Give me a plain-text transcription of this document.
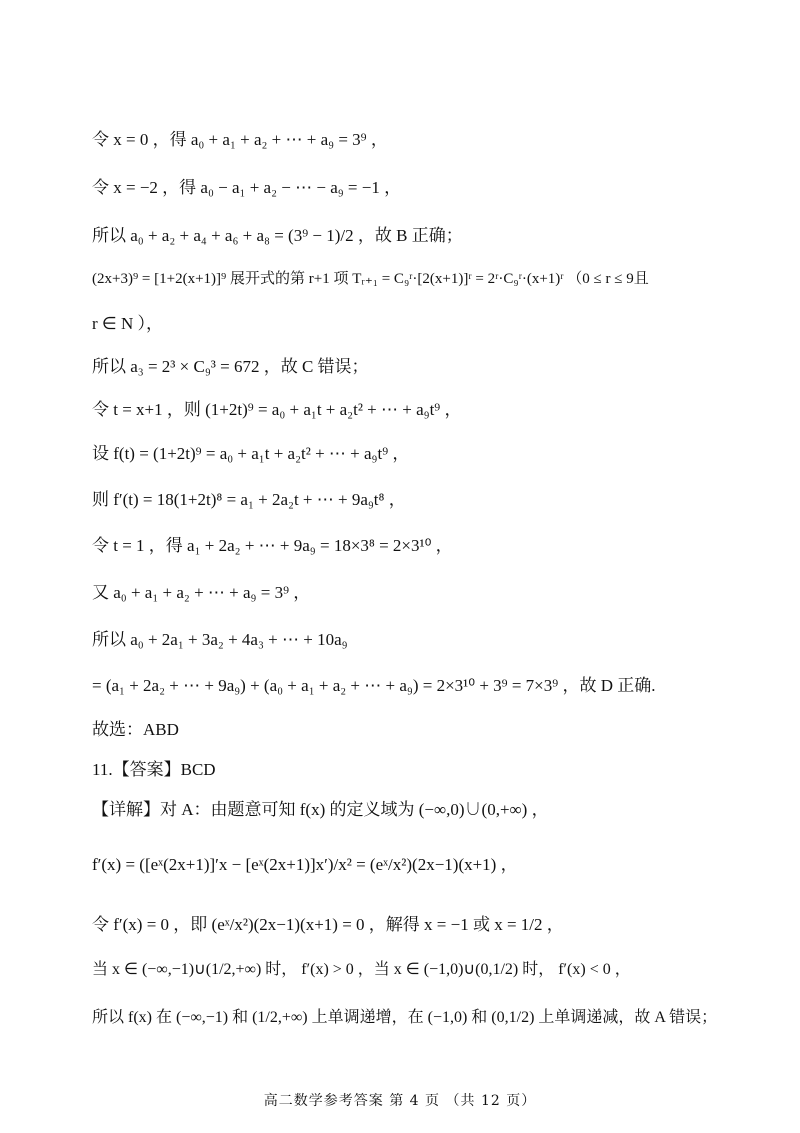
令 x = 0 ，得 a₀ + a₁ + a₂ + ⋯ + a₉ = 3⁹ ，
令 x = −2 ，得 a₀ − a₁ + a₂ − ⋯ − a₉ = −1 ，
所以 a₀ + a₂ + a₄ + a₆ + a₈ = (3⁹ − 1)/2 ，故 B 正确；
(2x+3)⁹ = [1+2(x+1)]⁹ 展开式的第 r+1 项 Tᵣ₊₁ = C₉ʳ·[2(x+1)]ʳ = 2ʳ·C₉ʳ·(x+1)ʳ （0 ≤ r ≤ 9且
r ∈ N ），
所以 a₃ = 2³ × C₉³ = 672 ，故 C 错误；
令 t = x+1 ，则 (1+2t)⁹ = a₀ + a₁t + a₂t² + ⋯ + a₉t⁹ ，
设 f(t) = (1+2t)⁹ = a₀ + a₁t + a₂t² + ⋯ + a₉t⁹ ，
则 f′(t) = 18(1+2t)⁸ = a₁ + 2a₂t + ⋯ + 9a₉t⁸ ，
令 t = 1 ，得 a₁ + 2a₂ + ⋯ + 9a₉ = 18×3⁸ = 2×3¹⁰ ，
又 a₀ + a₁ + a₂ + ⋯ + a₉ = 3⁹ ，
所以 a₀ + 2a₁ + 3a₂ + 4a₃ + ⋯ + 10a₉
= (a₁ + 2a₂ + ⋯ + 9a₉) + (a₀ + a₁ + a₂ + ⋯ + a₉) = 2×3¹⁰ + 3⁹ = 7×3⁹ ，故 D 正确.
故选：ABD
11.【答案】BCD
【详解】对 A：由题意可知 f(x) 的定义域为 (−∞,0)∪(0,+∞) ，
f′(x) = ([eˣ(2x+1)]′x − [eˣ(2x+1)]x′)/x² = (eˣ/x²)(2x−1)(x+1) ，
令 f′(x) = 0 ，即 (eˣ/x²)(2x−1)(x+1) = 0 ，解得 x = −1 或 x = 1/2 ，
当 x ∈ (−∞,−1)∪(1/2,+∞) 时， f′(x) > 0 ，当 x ∈ (−1,0)∪(0,1/2) 时， f′(x) < 0 ，
所以 f(x) 在 (−∞,−1) 和 (1/2,+∞) 上单调递增，在 (−1,0) 和 (0,1/2) 上单调递减，故 A 错误；
高二数学参考答案 第 4 页 （共 12 页）
